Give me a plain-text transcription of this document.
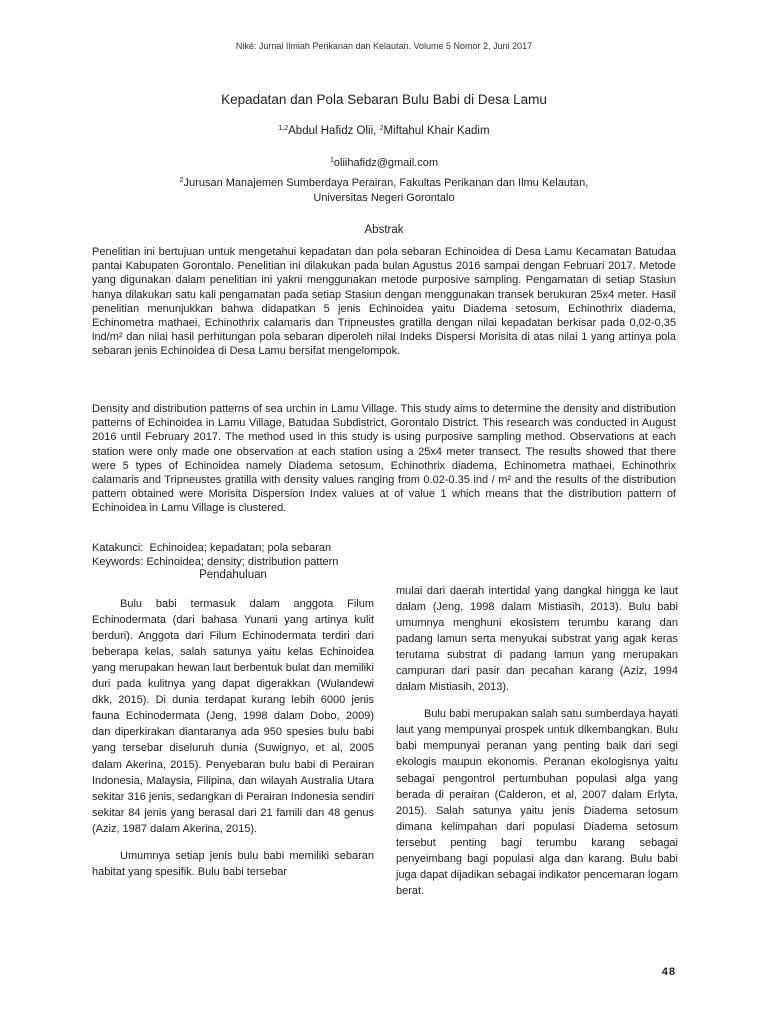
Nikè: Jurnal Ilmiah Perikanan dan Kelautan. Volume 5 Nomor 2, Juni 2017
Kepadatan dan Pola Sebaran Bulu Babi di Desa Lamu
$^{1,2}$Abdul Hafidz Olii, $^2$Miftahul Khair Kadim
$^1$oliihafidz@gmail.com
$^2$Jurusan Manajemen Sumberdaya Perairan, Fakultas Perikanan dan Ilmu Kelautan,
Universitas Negeri Gorontalo
Abstrak
Penelitian ini bertujuan untuk mengetahui kepadatan dan pola sebaran Echinoidea di Desa Lamu Kecamatan Batudaa pantai Kabupaten Gorontalo. Penelitian ini dilakukan pada bulan Agustus 2016 sampai dengan Februari 2017. Metode yang digunakan dalam penelitian ini yakni menggunakan metode purposive sampling. Pengamatan di setiap Stasiun hanya dilakukan satu kali pengamatan pada setiap Stasiun dengan menggunakan transek berukuran 25x4 meter. Hasil penelitian menunjukkan bahwa didapatkan 5 jenis Echinoidea yaitu Diadema setosum, Echinothrix diadema, Echinometra mathaei, Echinothrix calamaris dan Tripneustes gratilla dengan nilai kepadatan berkisar pada 0,02-0,35 ind/m² dan nilai hasil perhitungan pola sebaran diperoleh nilai Indeks Dispersi Morisita di atas nilai 1 yang artinya pola sebaran jenis Echinoidea di Desa Lamu bersifat mengelompok.
Density and distribution patterns of sea urchin in Lamu Village. This study aims to determine the density and distribution patterns of Echinoidea in Lamu Village, Batudaa Subdistrict, Gorontalo District. This research was conducted in August 2016 until February 2017. The method used in this study is using purposive sampling method. Observations at each station were only made one observation at each station using a 25x4 meter transect. The results showed that there were 5 types of Echinoidea namely Diadema setosum, Echinothrix diadema, Echinometra mathaei, Echinothrix calamaris and Tripneustes gratilla with density values ranging from 0.02-0.35 ind / m² and the results of the distribution pattern obtained were Morisita Dispersion Index values at of value 1 which means that the distribution pattern of Echinoidea in Lamu Village is clustered.
Katakunci:  Echinoidea; kepadatan; pola sebaran
Keywords: Echinoidea; density; distribution pattern
Pendahuluan

Bulu babi termasuk dalam anggota Filum Echinodermata (dari bahasa Yunani yang artinya kulit berduri). Anggota dari Filum Echinodermata terdiri dari beberapa kelas, salah satunya yaitu kelas Echinoidea yang merupakan hewan laut berbentuk bulat dan memiliki duri pada kulitnya yang dapat digerakkan (Wulandewi dkk, 2015). Di dunia terdapat kurang lebih 6000 jenis fauna Echinodermata (Jeng, 1998 dalam Dobo, 2009) dan diperkirakan diantaranya ada 950 spesies bulu babi yang tersebar diseluruh dunia (Suwignyo, et al, 2005 dalam Akerina, 2015). Penyebaran bulu babi di Perairan Indonesia, Malaysia, Filipina, dan wilayah Australia Utara sekitar 316 jenis, sedangkan di Perairan Indonesia sendiri sekitar 84 jenis yang berasal dari 21 famili dan 48 genus (Aziz, 1987 dalam Akerina, 2015).

Umumnya setiap jenis bulu babi memiliki sebaran habitat yang spesifik. Bulu babi tersebar

mulai dari daerah intertidal yang dangkal hingga ke laut dalam (Jeng, 1998 dalam Mistiasih, 2013). Bulu babi umumnya menghuni ekosistem terumbu karang dan padang lamun serta menyukai substrat yang agak keras terutama substrat di padang lamun yang merupakan campuran dari pasir dan pecahan karang (Aziz, 1994 dalam Mistiasih, 2013).

Bulu babi merupakan salah satu sumberdaya hayati laut yang mempunyai prospek untuk dikembangkan. Bulu babi mempunyai peranan yang penting baik dari segi ekologis maupun ekonomis. Peranan ekologisnya yaitu sebagai pengontrol pertumbuhan populasi alga yang berada di perairan (Calderon, et al, 2007 dalam Erlyta, 2015). Salah satunya yaitu jenis Diadema setosum dimana kelimpahan dari populasi Diadema setosum tersebut penting bagi terumbu karang sebagai penyeimbang bagi populasi alga dan karang. Bulu babi juga dapat dijadikan sebagai indikator pencemaran logam berat.

48
